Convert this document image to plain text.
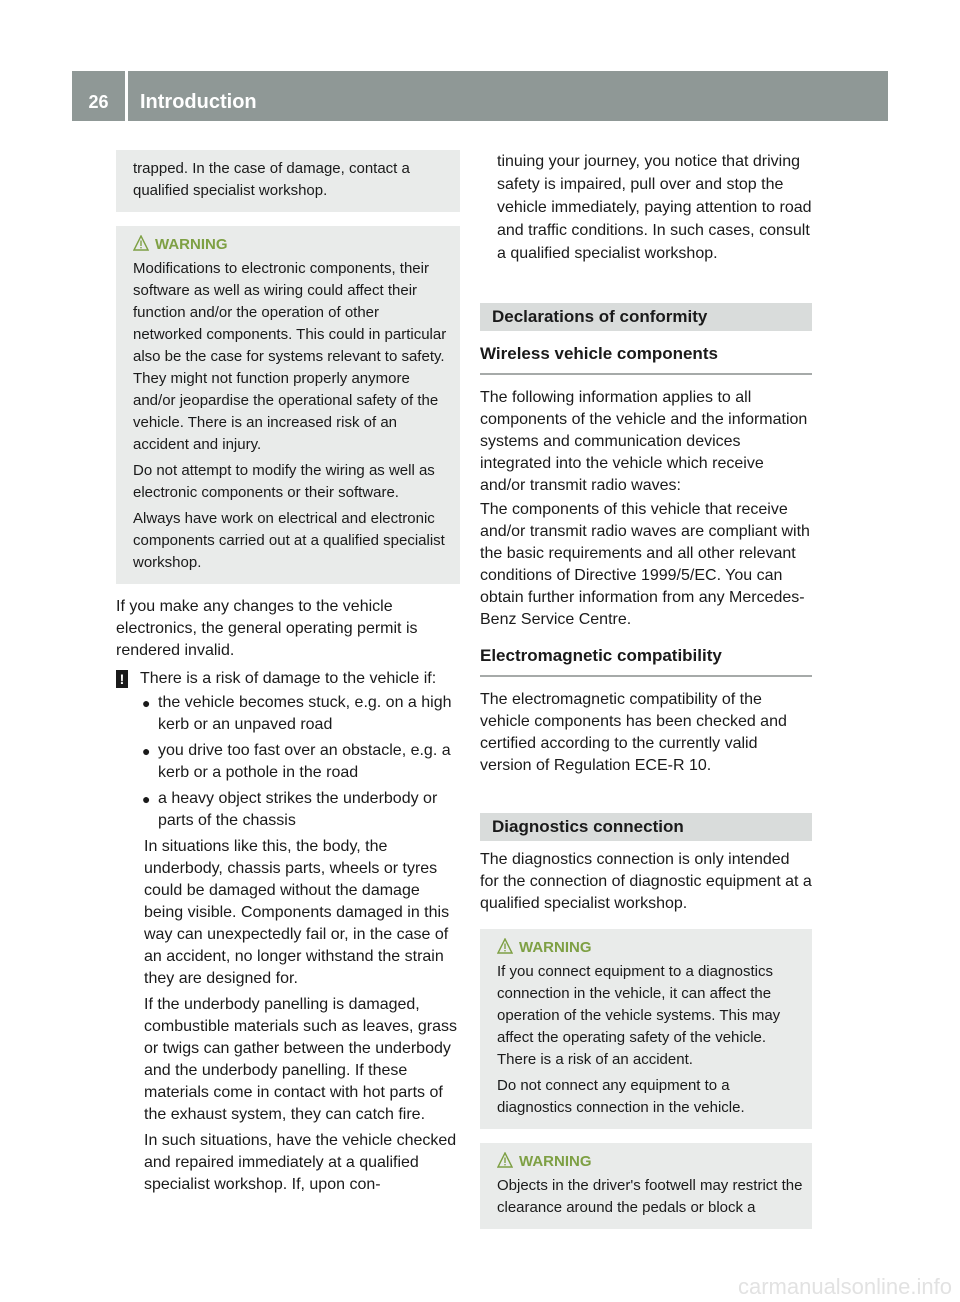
26	Introduction

trapped. In the case of damage, contact a qualified specialist workshop.

WARNING

Modifications to electronic components, their software as well as wiring could affect their function and/or the operation of other networked components. This could in particular also be the case for systems relevant to safety. They might not function properly anymore and/or jeopardise the operational safety of the vehicle. There is an increased risk of an accident and injury.

Do not attempt to modify the wiring as well as electronic components or their software.

Always have work on electrical and electronic components carried out at a qualified specialist workshop.

If you make any changes to the vehicle electronics, the general operating permit is rendered invalid.

! There is a risk of damage to the vehicle if:
● the vehicle becomes stuck, e.g. on a high kerb or an unpaved road
● you drive too fast over an obstacle, e.g. a kerb or a pothole in the road
● a heavy object strikes the underbody or parts of the chassis

In situations like this, the body, the underbody, chassis parts, wheels or tyres could be damaged without the damage being visible. Components damaged in this way can unexpectedly fail or, in the case of an accident, no longer withstand the strain they are designed for.

If the underbody panelling is damaged, combustible materials such as leaves, grass or twigs can gather between the underbody and the underbody panelling. If these materials come in contact with hot parts of the exhaust system, they can catch fire.

In such situations, have the vehicle checked and repaired immediately at a qualified specialist workshop. If, upon con-

tinuing your journey, you notice that driving safety is impaired, pull over and stop the vehicle immediately, paying attention to road and traffic conditions. In such cases, consult a qualified specialist workshop.
Declarations of conformity
Wireless vehicle components

The following information applies to all components of the vehicle and the information systems and communication devices integrated into the vehicle which receive and/or transmit radio waves:

The components of this vehicle that receive and/or transmit radio waves are compliant with the basic requirements and all other relevant conditions of Directive 1999/5/EC. You can obtain further information from any Mercedes-Benz Service Centre.

Electromagnetic compatibility

The electromagnetic compatibility of the vehicle components has been checked and certified according to the currently valid version of Regulation ECE-R 10.

Diagnostics connection

The diagnostics connection is only intended for the connection of diagnostic equipment at a qualified specialist workshop.

WARNING

If you connect equipment to a diagnostics connection in the vehicle, it can affect the operation of the vehicle systems. This may affect the operating safety of the vehicle. There is a risk of an accident.

Do not connect any equipment to a diagnostics connection in the vehicle.

WARNING

Objects in the driver's footwell may restrict the clearance around the pedals or block a

carmanualsonline.info
